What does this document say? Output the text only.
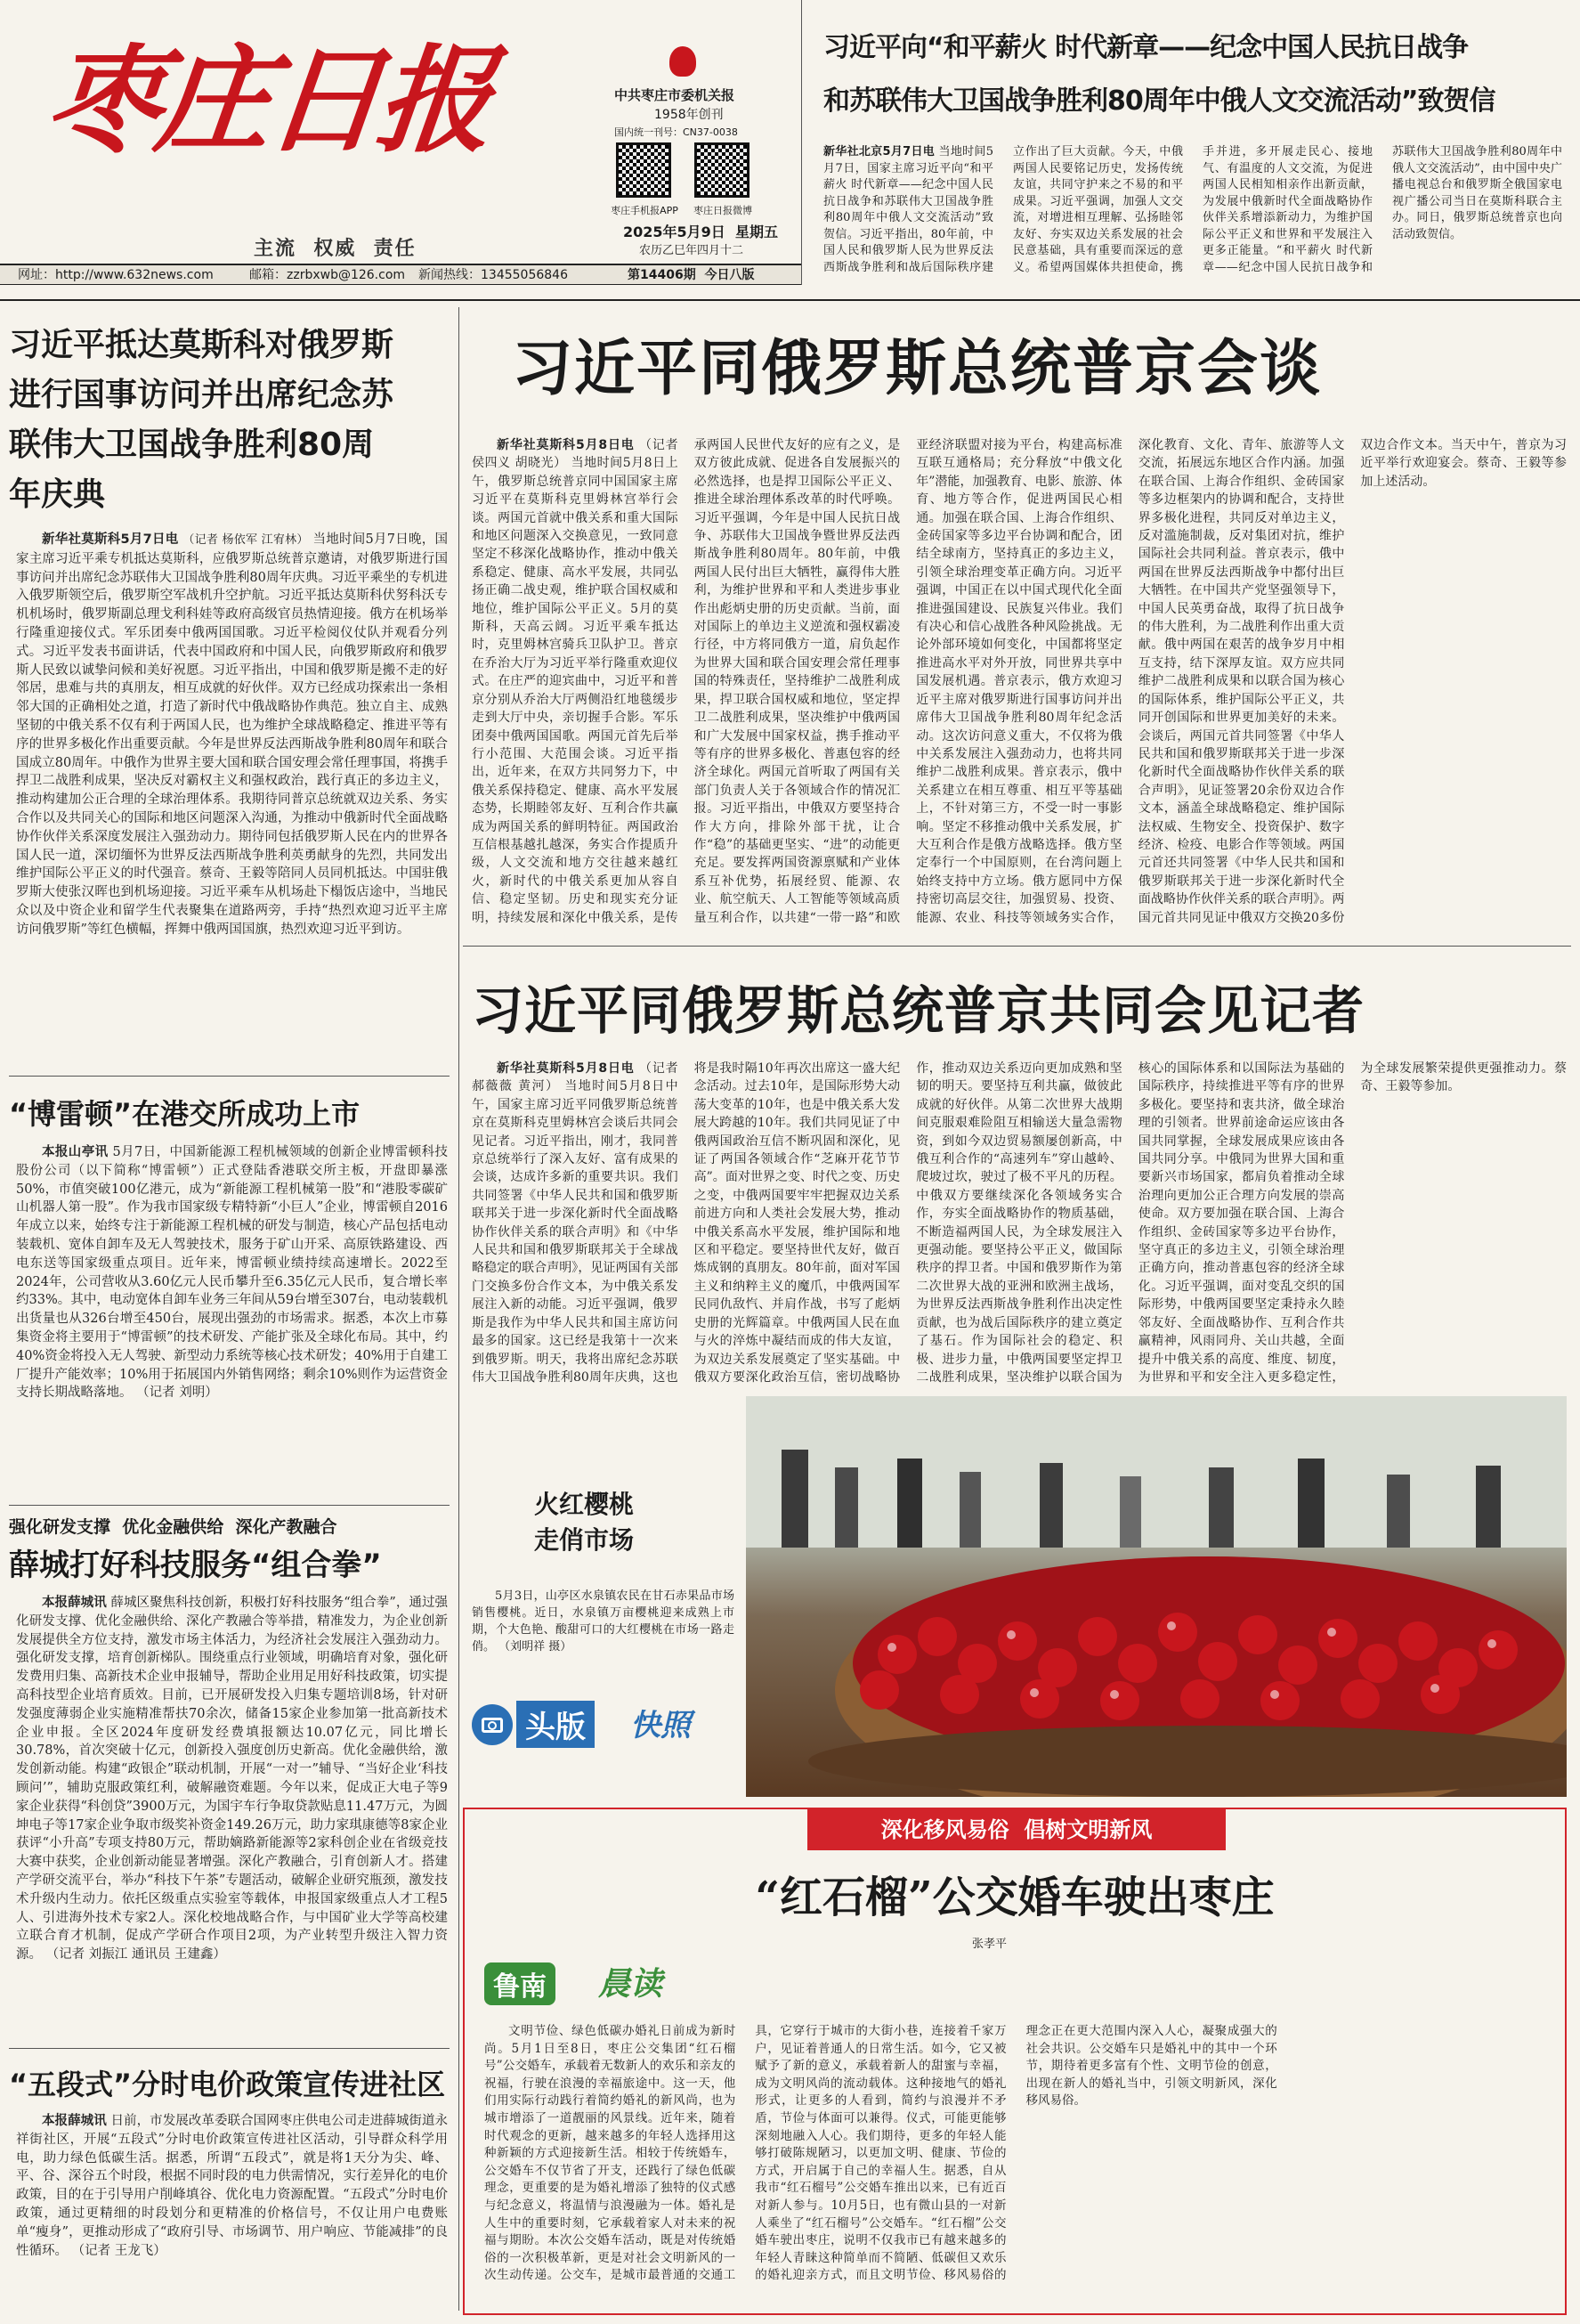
枣庄日报
主流  权威  责任
中共枣庄市委机关报
1958年创刊
国内统一刊号：CN37-0038
枣庄手机报APP	枣庄日报微博
2025年5月9日  星期五
农历乙巳年四月十二
网址：http://www.632news.com	邮箱：zzrbxwb@126.com 新闻热线：13455056846	第14406期  今日八版
习近平向“和平薪火 时代新章——纪念中国人民抗日战争
和苏联伟大卫国战争胜利80周年中俄人文交流活动”致贺信
新华社北京5月7日电 当地时间5月7日，国家主席习近平向“和平薪火 时代新章——纪念中国人民抗日战争和苏联伟大卫国战争胜利80周年中俄人文交流活动”致贺信。习近平指出，80年前，中国人民和俄罗斯人民为世界反法西斯战争胜利和战后国际秩序建立作出了巨大贡献。今天，中俄两国人民要铭记历史，发扬传统友谊，共同守护来之不易的和平成果。习近平强调，加强人文交流，对增进相互理解、弘扬睦邻友好、夯实双边关系发展的社会民意基础，具有重要而深远的意义。希望两国媒体共担使命，携手并进，多开展走民心、接地气、有温度的人文交流，为促进两国人民相知相亲作出新贡献，为发展中俄新时代全面战略协作伙伴关系增添新动力，为维护国际公平正义和世界和平发展注入更多正能量。“和平薪火 时代新章——纪念中国人民抗日战争和苏联伟大卫国战争胜利80周年中俄人文交流活动”，由中国中央广播电视总台和俄罗斯全俄国家电视广播公司当日在莫斯科联合主办。同日，俄罗斯总统普京也向活动致贺信。
习近平抵达莫斯科对俄罗斯进行国事访问并出席纪念苏联伟大卫国战争胜利80周年庆典
新华社莫斯科5月7日电 （记者 杨依军 江宥林） 当地时间5月7日晚，国家主席习近平乘专机抵达莫斯科，应俄罗斯总统普京邀请，对俄罗斯进行国事访问并出席纪念苏联伟大卫国战争胜利80周年庆典。习近平乘坐的专机进入俄罗斯领空后，俄罗斯空军战机升空护航。习近平抵达莫斯科伏努科沃专机机场时，俄罗斯副总理戈利科娃等政府高级官员热情迎接。俄方在机场举行隆重迎接仪式。军乐团奏中俄两国国歌。习近平检阅仪仗队并观看分列式。习近平发表书面讲话，代表中国政府和中国人民，向俄罗斯政府和俄罗斯人民致以诚挚问候和美好祝愿。习近平指出，中国和俄罗斯是搬不走的好邻居，患难与共的真朋友，相互成就的好伙伴。双方已经成功探索出一条相邻大国的正确相处之道，打造了新时代中俄战略协作典范。独立自主、成熟坚韧的中俄关系不仅有利于两国人民，也为维护全球战略稳定、推进平等有序的世界多极化作出重要贡献。今年是世界反法西斯战争胜利80周年和联合国成立80周年。中俄作为世界主要大国和联合国安理会常任理事国，将携手捍卫二战胜利成果，坚决反对霸权主义和强权政治，践行真正的多边主义，推动构建加公正合理的全球治理体系。我期待同普京总统就双边关系、务实合作以及共同关心的国际和地区问题深入沟通，为推动中俄新时代全面战略协作伙伴关系深度发展注入强劲动力。期待同包括俄罗斯人民在内的世界各国人民一道，深切缅怀为世界反法西斯战争胜利英勇献身的先烈，共同发出维护国际公平正义的时代强音。蔡奇、王毅等陪同人员同机抵达。中国驻俄罗斯大使张汉晖也到机场迎接。习近平乘车从机场赴下榻饭店途中，当地民众以及中资企业和留学生代表聚集在道路两旁，手持“热烈欢迎习近平主席访问俄罗斯”等红色横幅，挥舞中俄两国国旗，热烈欢迎习近平到访。
习近平同俄罗斯总统普京会谈
新华社莫斯科5月8日电 （记者 侯四义 胡晓光） 当地时间5月8日上午，俄罗斯总统普京同中国国家主席习近平在莫斯科克里姆林宫举行会谈。两国元首就中俄关系和重大国际和地区问题深入交换意见，一致同意坚定不移深化战略协作，推动中俄关系稳定、健康、高水平发展，共同弘扬正确二战史观，维护联合国权威和地位，维护国际公平正义。5月的莫斯科，天高云阔。习近平乘车抵达时，克里姆林宫骑兵卫队护卫。普京在乔治大厅为习近平举行隆重欢迎仪式。在庄严的迎宾曲中，习近平和普京分别从乔治大厅两侧沿红地毯缓步走到大厅中央，亲切握手合影。军乐团奏中俄两国国歌。两国元首先后举行小范围、大范围会谈。习近平指出，近年来，在双方共同努力下，中俄关系保持稳定、健康、高水平发展态势，长期睦邻友好、互利合作共赢成为两国关系的鲜明特征。两国政治互信根基越扎越深，务实合作提质升级，人文交流和地方交往越来越红火，新时代的中俄关系更加从容自信、稳定坚韧。历史和现实充分证明，持续发展和深化中俄关系，是传承两国人民世代友好的应有之义，是双方彼此成就、促进各自发展振兴的必然选择，也是捍卫国际公平正义、推进全球治理体系改革的时代呼唤。习近平强调，今年是中国人民抗日战争、苏联伟大卫国战争暨世界反法西斯战争胜利80周年。80年前，中俄两国人民付出巨大牺牲，赢得伟大胜利，为维护世界和平和人类进步事业作出彪炳史册的历史贡献。当前，面对国际上的单边主义逆流和强权霸凌行径，中方将同俄方一道，肩负起作为世界大国和联合国安理会常任理事国的特殊责任，坚持维护二战胜利成果，捍卫联合国权威和地位，坚定捍卫二战胜利成果，坚决维护中俄两国和广大发展中国家权益，携手推动平等有序的世界多极化、普惠包容的经济全球化。两国元首听取了两国有关部门负责人关于各领域合作的情况汇报。习近平指出，中俄双方要坚持合作大方向，排除外部干扰，让合作“稳”的基础更坚实、“进”的动能更充足。要发挥两国资源禀赋和产业体系互补优势，拓展经贸、能源、农业、航空航天、人工智能等领域高质量互利合作，以共建“一带一路”和欧亚经济联盟对接为平台，构建高标准互联互通格局；充分释放“中俄文化年”潜能，加强教育、电影、旅游、体育、地方等合作，促进两国民心相通。加强在联合国、上海合作组织、金砖国家等多边平台协调和配合，团结全球南方，坚持真正的多边主义，引领全球治理变革正确方向。习近平强调，中国正在以中国式现代化全面推进强国建设、民族复兴伟业。我们有决心和信心战胜各种风险挑战。无论外部环境如何变化，中国都将坚定推进高水平对外开放，同世界共享中国发展机遇。普京表示，俄方欢迎习近平主席对俄罗斯进行国事访问并出席伟大卫国战争胜利80周年纪念活动。这次访问意义重大，不仅将为俄中关系发展注入强劲动力，也将共同维护二战胜利成果。普京表示，俄中关系建立在相互尊重、相互平等基础上，不针对第三方，不受一时一事影响。坚定不移推动俄中关系发展，扩大互利合作是俄方战略选择。俄方坚定奉行一个中国原则，在台湾问题上始终支持中方立场。俄方愿同中方保持密切高层交往，加强贸易、投资、能源、农业、科技等领域务实合作，深化教育、文化、青年、旅游等人文交流，拓展远东地区合作内涵。加强在联合国、上海合作组织、金砖国家等多边框架内的协调和配合，支持世界多极化进程，共同反对单边主义，反对滥施制裁，反对集团对抗，维护国际社会共同利益。普京表示，俄中两国在世界反法西斯战争中都付出巨大牺牲。在中国共产党坚强领导下，中国人民英勇奋战，取得了抗日战争的伟大胜利，为二战胜利作出重大贡献。俄中两国在艰苦的战争岁月中相互支持，结下深厚友谊。双方应共同维护二战胜利成果和以联合国为核心的国际体系，维护国际公平正义，共同开创国际和世界更加美好的未来。会谈后，两国元首共同签署《中华人民共和国和俄罗斯联邦关于进一步深化新时代全面战略协作伙伴关系的联合声明》，见证签署20余份双边合作文本，涵盖全球战略稳定、维护国际法权威、生物安全、投资保护、数字经济、检疫、电影合作等领域。两国元首还共同签署《中华人民共和国和俄罗斯联邦关于进一步深化新时代全面战略协作伙伴关系的联合声明》。两国元首共同见证中俄双方交换20多份双边合作文本。当天中午，普京为习近平举行欢迎宴会。蔡奇、王毅等参加上述活动。
习近平同俄罗斯总统普京共同会见记者
新华社莫斯科5月8日电 （记者 郝薇薇 黄河） 当地时间5月8日中午，国家主席习近平同俄罗斯总统普京在莫斯科克里姆林宫会谈后共同会见记者。习近平指出，刚才，我同普京总统举行了深入友好、富有成果的会谈，达成许多新的重要共识。我们共同签署《中华人民共和国和俄罗斯联邦关于进一步深化新时代全面战略协作伙伴关系的联合声明》和《中华人民共和国和俄罗斯联邦关于全球战略稳定的联合声明》，见证两国有关部门交换多份合作文本，为中俄关系发展注入新的动能。习近平强调，俄罗斯是我作为中华人民共和国主席访问最多的国家。这已经是我第十一次来到俄罗斯。明天，我将出席纪念苏联伟大卫国战争胜利80周年庆典，这也将是我时隔10年再次出席这一盛大纪念活动。过去10年，是国际形势大动荡大变革的10年，也是中俄关系大发展大跨越的10年。我们共同见证了中俄两国政治互信不断巩固和深化，见证了两国各领域合作“芝麻开花节节高”。面对世界之变、时代之变、历史之变，中俄两国要牢牢把握双边关系前进方向和人类社会发展大势，推动中俄关系高水平发展，维护国际和地区和平稳定。要坚持世代友好，做百炼成钢的真朋友。80年前，面对军国主义和纳粹主义的魔爪，中俄两国军民同仇敌忾、并肩作战，书写了彪炳史册的光辉篇章。中俄两国人民在血与火的淬炼中凝结而成的伟大友谊，为双边关系发展奠定了坚实基础。中俄双方要深化政治互信，密切战略协作，推动双边关系迈向更加成熟和坚韧的明天。要坚持互利共赢，做彼此成就的好伙伴。从第二次世界大战期间克服艰难险阻互相输送大量急需物资，到如今双边贸易额屡创新高，中俄互利合作的“高速列车”穿山越岭、爬坡过坎，驶过了极不平凡的历程。中俄双方要继续深化各领域务实合作，夯实全面战略协作的物质基础，不断造福两国人民，为全球发展注入更强动能。要坚持公平正义，做国际秩序的捍卫者。中国和俄罗斯作为第二次世界大战的亚洲和欧洲主战场，为世界反法西斯战争胜利作出决定性贡献，也为战后国际秩序的建立奠定了基石。作为国际社会的稳定、积极、进步力量，中俄两国要坚定捍卫二战胜利成果，坚决维护以联合国为核心的国际体系和以国际法为基础的国际秩序，持续推进平等有序的世界多极化。要坚持和衷共济，做全球治理的引领者。世界前途命运应该由各国共同掌握，全球发展成果应该由各国共同分享。中俄同为世界大国和重要新兴市场国家，都肩负着推动全球治理向更加公正合理方向发展的崇高使命。双方要加强在联合国、上海合作组织、金砖国家等多边平台协作，坚守真正的多边主义，引领全球治理正确方向，推动普惠包容的经济全球化。习近平强调，面对变乱交织的国际形势，中俄两国要坚定秉持永久睦邻友好、全面战略协作、互利合作共赢精神，风雨同舟、关山共越，全面提升中俄关系的高度、维度、韧度，为世界和平和安全注入更多稳定性，为全球发展繁荣提供更强推动力。蔡奇、王毅等参加。
火红樱桃
走俏市场
5月3日，山亭区水泉镇农民在甘石赤果品市场销售樱桃。近日，水泉镇万亩樱桃迎来成熟上市期，个大色艳、酸甜可口的大红樱桃在市场一路走俏。 （刘明祥 摄）
头版 快照
深化移风易俗  倡树文明新风
“红石榴”公交婚车驶出枣庄
张孝平
鲁南 晨读
文明节俭、绿色低碳办婚礼日前成为新时尚。5月1日至8日，枣庄公交集团“红石榴号”公交婚车，承载着无数新人的欢乐和亲友的祝福，行驶在浪漫的幸福旅途中。这一天，他们用实际行动践行着简约婚礼的新风尚，也为城市增添了一道靓丽的风景线。近年来，随着时代观念的更新，越来越多的年轻人选择用这种新颖的方式迎接新生活。相较于传统婚车，公交婚车不仅节省了开支，还践行了绿色低碳理念，更重要的是为婚礼增添了独特的仪式感与纪念意义，将温情与浪漫融为一体。婚礼是人生中的重要时刻，它承载着家人对未来的祝福与期盼。本次公交婚车活动，既是对传统婚俗的一次积极革新，更是对社会文明新风的一次生动传递。公交车，是城市最普通的交通工具，它穿行于城市的大街小巷，连接着千家万户，见证着普通人的日常生活。如今，它又被赋予了新的意义，承载着新人的甜蜜与幸福，成为文明风尚的流动载体。这种接地气的婚礼形式，让更多的人看到，简约与浪漫并不矛盾，节俭与体面可以兼得。仪式，可能更能够深刻地融入人心。我们期待，更多的年轻人能够打破陈规陋习，以更加文明、健康、节俭的方式，开启属于自己的幸福人生。据悉，自从我市“红石榴号”公交婚车推出以来，已有近百对新人参与。10月5日，也有微山县的一对新人乘坐了“红石榴号”公交婚车。“红石榴”公交婚车驶出枣庄，说明不仅我市已有越来越多的年轻人青睐这种简单而不简陋、低碳但又欢乐的婚礼迎亲方式，而且文明节俭、移风易俗的理念正在更大范围内深入人心，凝聚成强大的社会共识。公交婚车只是婚礼中的其中一个环节，期待着更多富有个性、文明节俭的创意，出现在新人的婚礼当中，引领文明新风，深化移风易俗。
“博雷顿”在港交所成功上市
本报山亭讯 5月7日，中国新能源工程机械领域的创新企业博雷顿科技股份公司（以下简称“博雷顿”）正式登陆香港联交所主板，开盘即暴涨50%，市值突破100亿港元，成为“新能源工程机械第一股”和“港股零碳矿山机器人第一股”。作为我市国家级专精特新“小巨人”企业，博雷顿自2016年成立以来，始终专注于新能源工程机械的研发与制造，核心产品包括电动装载机、宽体自卸车及无人驾驶技术，服务于矿山开采、高原铁路建设、西电东送等国家级重点项目。近年来，博雷顿业绩持续高速增长。2022至2024年，公司营收从3.60亿元人民币攀升至6.35亿元人民币，复合增长率约33%。其中，电动宽体自卸车业务三年间从59台增至307台，电动装载机出货量也从326台增至450台，展现出强劲的市场需求。据悉，本次上市募集资金将主要用于“博雷顿”的技术研发、产能扩张及全球化布局。其中，约40%资金将投入无人驾驶、新型动力系统等核心技术研发；40%用于自建工厂提升产能效率；10%用于拓展国内外销售网络；剩余10%则作为运营资金支持长期战略落地。 （记者 刘明）
强化研发支撑  优化金融供给  深化产教融合
薛城打好科技服务“组合拳”
本报薛城讯 薛城区聚焦科技创新，积极打好科技服务“组合拳”，通过强化研发支撑、优化金融供给、深化产教融合等举措，精准发力，为企业创新发展提供全方位支持，激发市场主体活力，为经济社会发展注入强劲动力。强化研发支撑，培育创新梯队。围绕重点行业领域，明确培育对象，强化研发费用归集、高新技术企业申报辅导，帮助企业用足用好科技政策，切实提高科技型企业培育质效。目前，已开展研发投入归集专题培训8场，针对研发强度薄弱企业实施精准帮扶70余次，储备15家企业参加第一批高新技术企业申报。全区2024年度研发经费填报额达10.07亿元，同比增长30.78%，首次突破十亿元，创新投入强度创历史新高。优化金融供给，激发创新动能。构建“政银企”联动机制，开展“一对一”辅导、“当好企业‘科技顾问’”，辅助克服政策红利，破解融资难题。今年以来，促成正大电子等9家企业获得“科创贷”3900万元，为国宇车行争取贷款贴息11.47万元，为圆坤电子等17家企业争取市级奖补资金149.26万元，助力家琪康德等8家企业获评“小升高”专项支持80万元，帮助嫡路新能源等2家科创企业在省级竞技大赛中获奖，企业创新动能显著增强。深化产教融合，引育创新人才。搭建产学研交流平台，举办“科技下午茶”专题活动，破解企业研究瓶颈，激发技术升级内生动力。依托区级重点实验室等载体，申报国家级重点人才工程5人、引进海外技术专家2人。深化校地战略合作，与中国矿业大学等高校建立联合育才机制，促成产学研合作项目2项，为产业转型升级注入智力资源。 （记者 刘振江 通讯员 王建鑫）
“五段式”分时电价政策宣传进社区
本报薛城讯 日前，市发展改革委联合国网枣庄供电公司走进薛城街道永祥街社区，开展“五段式”分时电价政策宣传进社区活动，引导群众科学用电，助力绿色低碳生活。据悉，所谓“五段式”，就是将1天分为尖、峰、平、谷、深谷五个时段，根据不同时段的电力供需情况，实行差异化的电价政策，目的在于引导用户削峰填谷、优化电力资源配置。“五段式”分时电价政策，通过更精细的时段划分和更精准的价格信号，不仅让用户电费账单“瘦身”，更推动形成了“政府引导、市场调节、用户响应、节能减排”的良性循环。 （记者 王龙飞）
